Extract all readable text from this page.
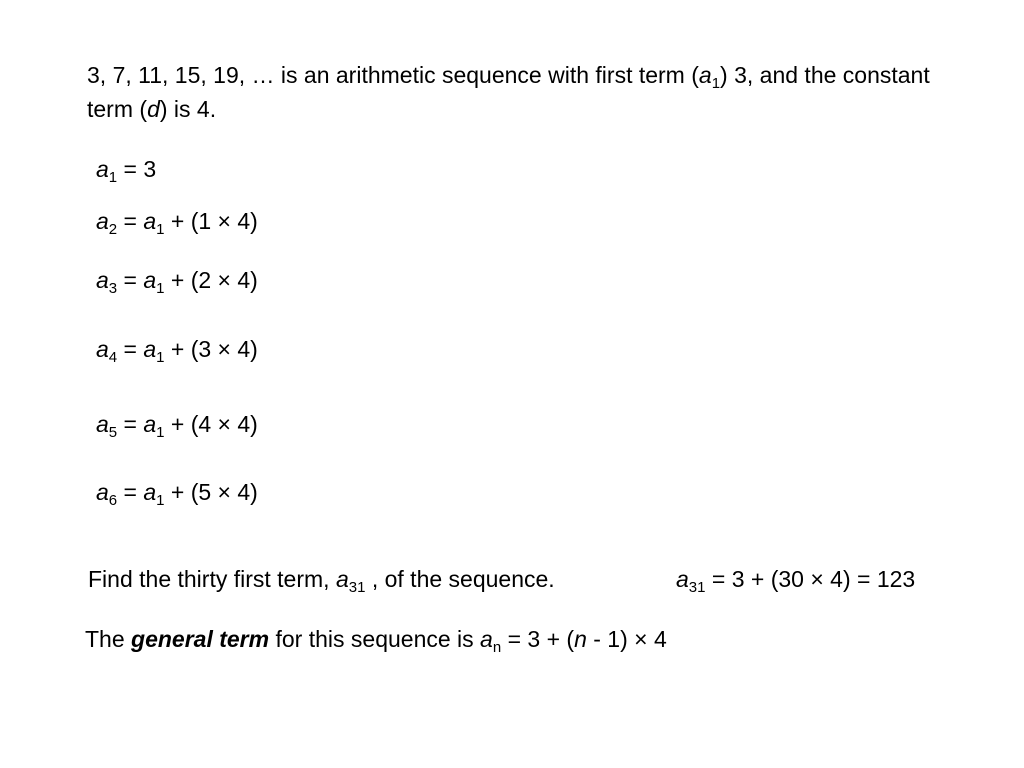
3, 7, 11, 15, 19, … is an arithmetic sequence with first term $(a_1)$ 3, and the constant term (d) is 4.
$a_1 = 3$
$a_2 = a_1 + (1 \times 4)$
$a_3 = a_1 + (2 \times 4)$
$a_4 = a_1 + (3 \times 4)$
$a_5 = a_1 + (4 \times 4)$
$a_6 = a_1 + (5 \times 4)$
Find the thirty first term, $a_{31}$ , of the sequence.	$a_{31} = 3 + (30 \times 4) = 123$
The general term for this sequence is $a_n = 3 + (n - 1) \times 4$
